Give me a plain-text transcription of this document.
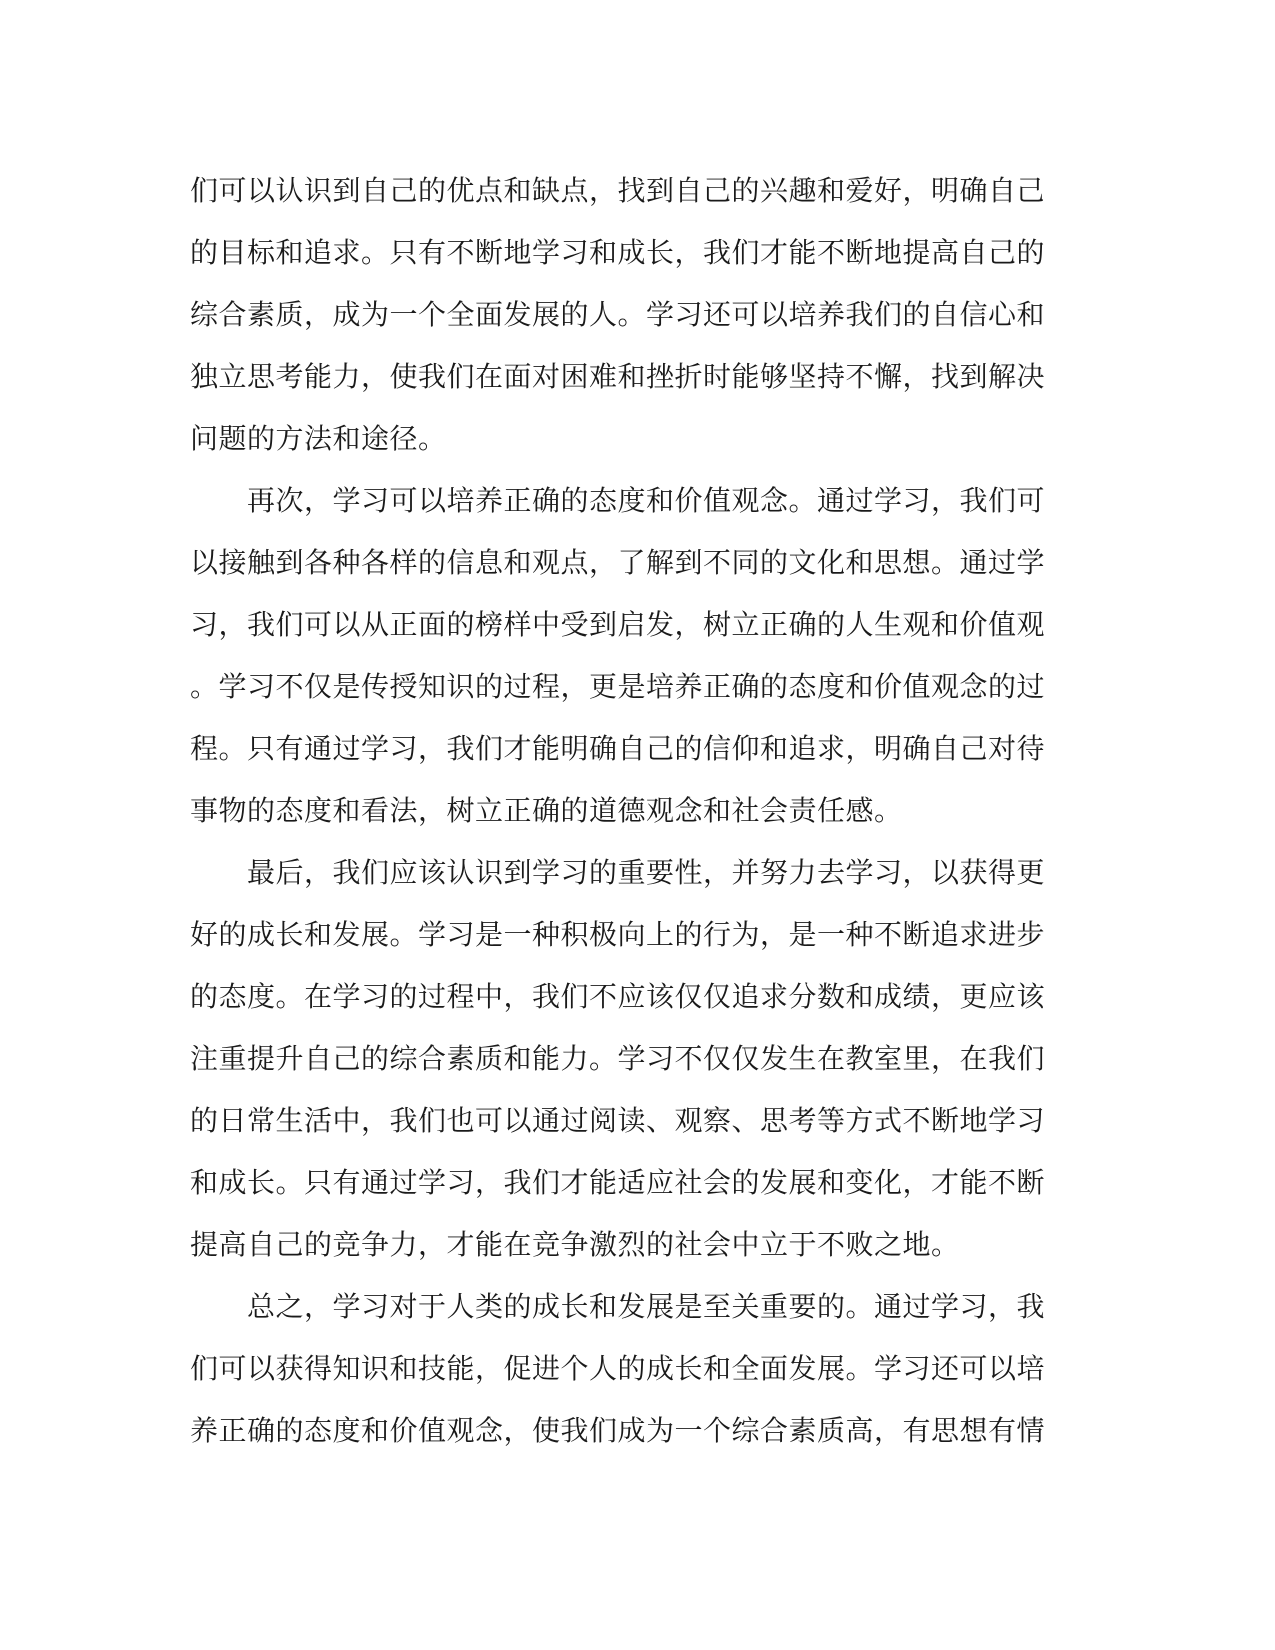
们可以认识到自己的优点和缺点，找到自己的兴趣和爱好，明确自己
的目标和追求。只有不断地学习和成长，我们才能不断地提高自己的
综合素质，成为一个全面发展的人。学习还可以培养我们的自信心和
独立思考能力，使我们在面对困难和挫折时能够坚持不懈，找到解决
问题的方法和途径。
　　再次，学习可以培养正确的态度和价值观念。通过学习，我们可
以接触到各种各样的信息和观点，了解到不同的文化和思想。通过学
习，我们可以从正面的榜样中受到启发，树立正确的人生观和价值观
。学习不仅是传授知识的过程，更是培养正确的态度和价值观念的过
程。只有通过学习，我们才能明确自己的信仰和追求，明确自己对待
事物的态度和看法，树立正确的道德观念和社会责任感。
　　最后，我们应该认识到学习的重要性，并努力去学习，以获得更
好的成长和发展。学习是一种积极向上的行为，是一种不断追求进步
的态度。在学习的过程中，我们不应该仅仅追求分数和成绩，更应该
注重提升自己的综合素质和能力。学习不仅仅发生在教室里，在我们
的日常生活中，我们也可以通过阅读、观察、思考等方式不断地学习
和成长。只有通过学习，我们才能适应社会的发展和变化，才能不断
提高自己的竞争力，才能在竞争激烈的社会中立于不败之地。
　　总之，学习对于人类的成长和发展是至关重要的。通过学习，我
们可以获得知识和技能，促进个人的成长和全面发展。学习还可以培
养正确的态度和价值观念，使我们成为一个综合素质高，有思想有情
